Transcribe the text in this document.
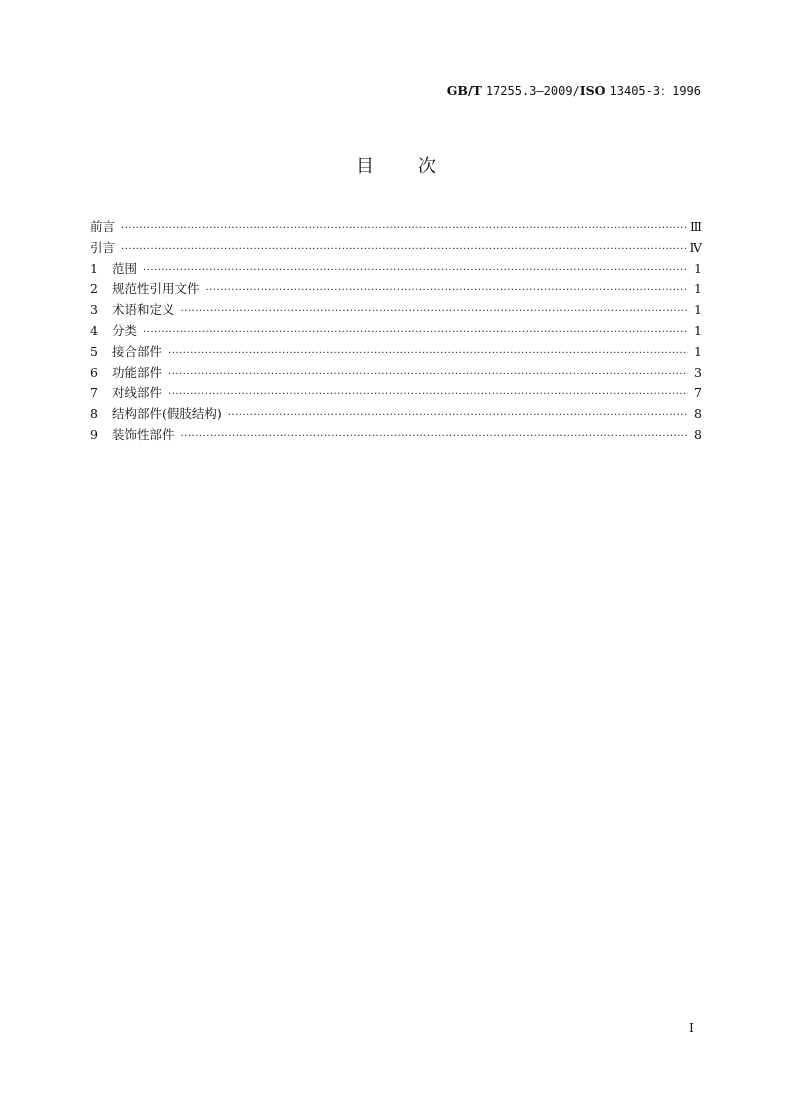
GB/T 17255.3—2009/ISO 13405-3：1996
目次
前言 ·····	Ⅲ
引言 ·····	Ⅳ
1	范围 ·····	1
2	规范性引用文件 ·····	1
3	术语和定义 ·····	1
4	分类 ·····	1
5	接合部件 ·····	1
6	功能部件 ·····	3
7	对线部件 ·····	7
8	结构部件(假肢结构) ·····	8
9	装饰性部件 ·····	8
I
